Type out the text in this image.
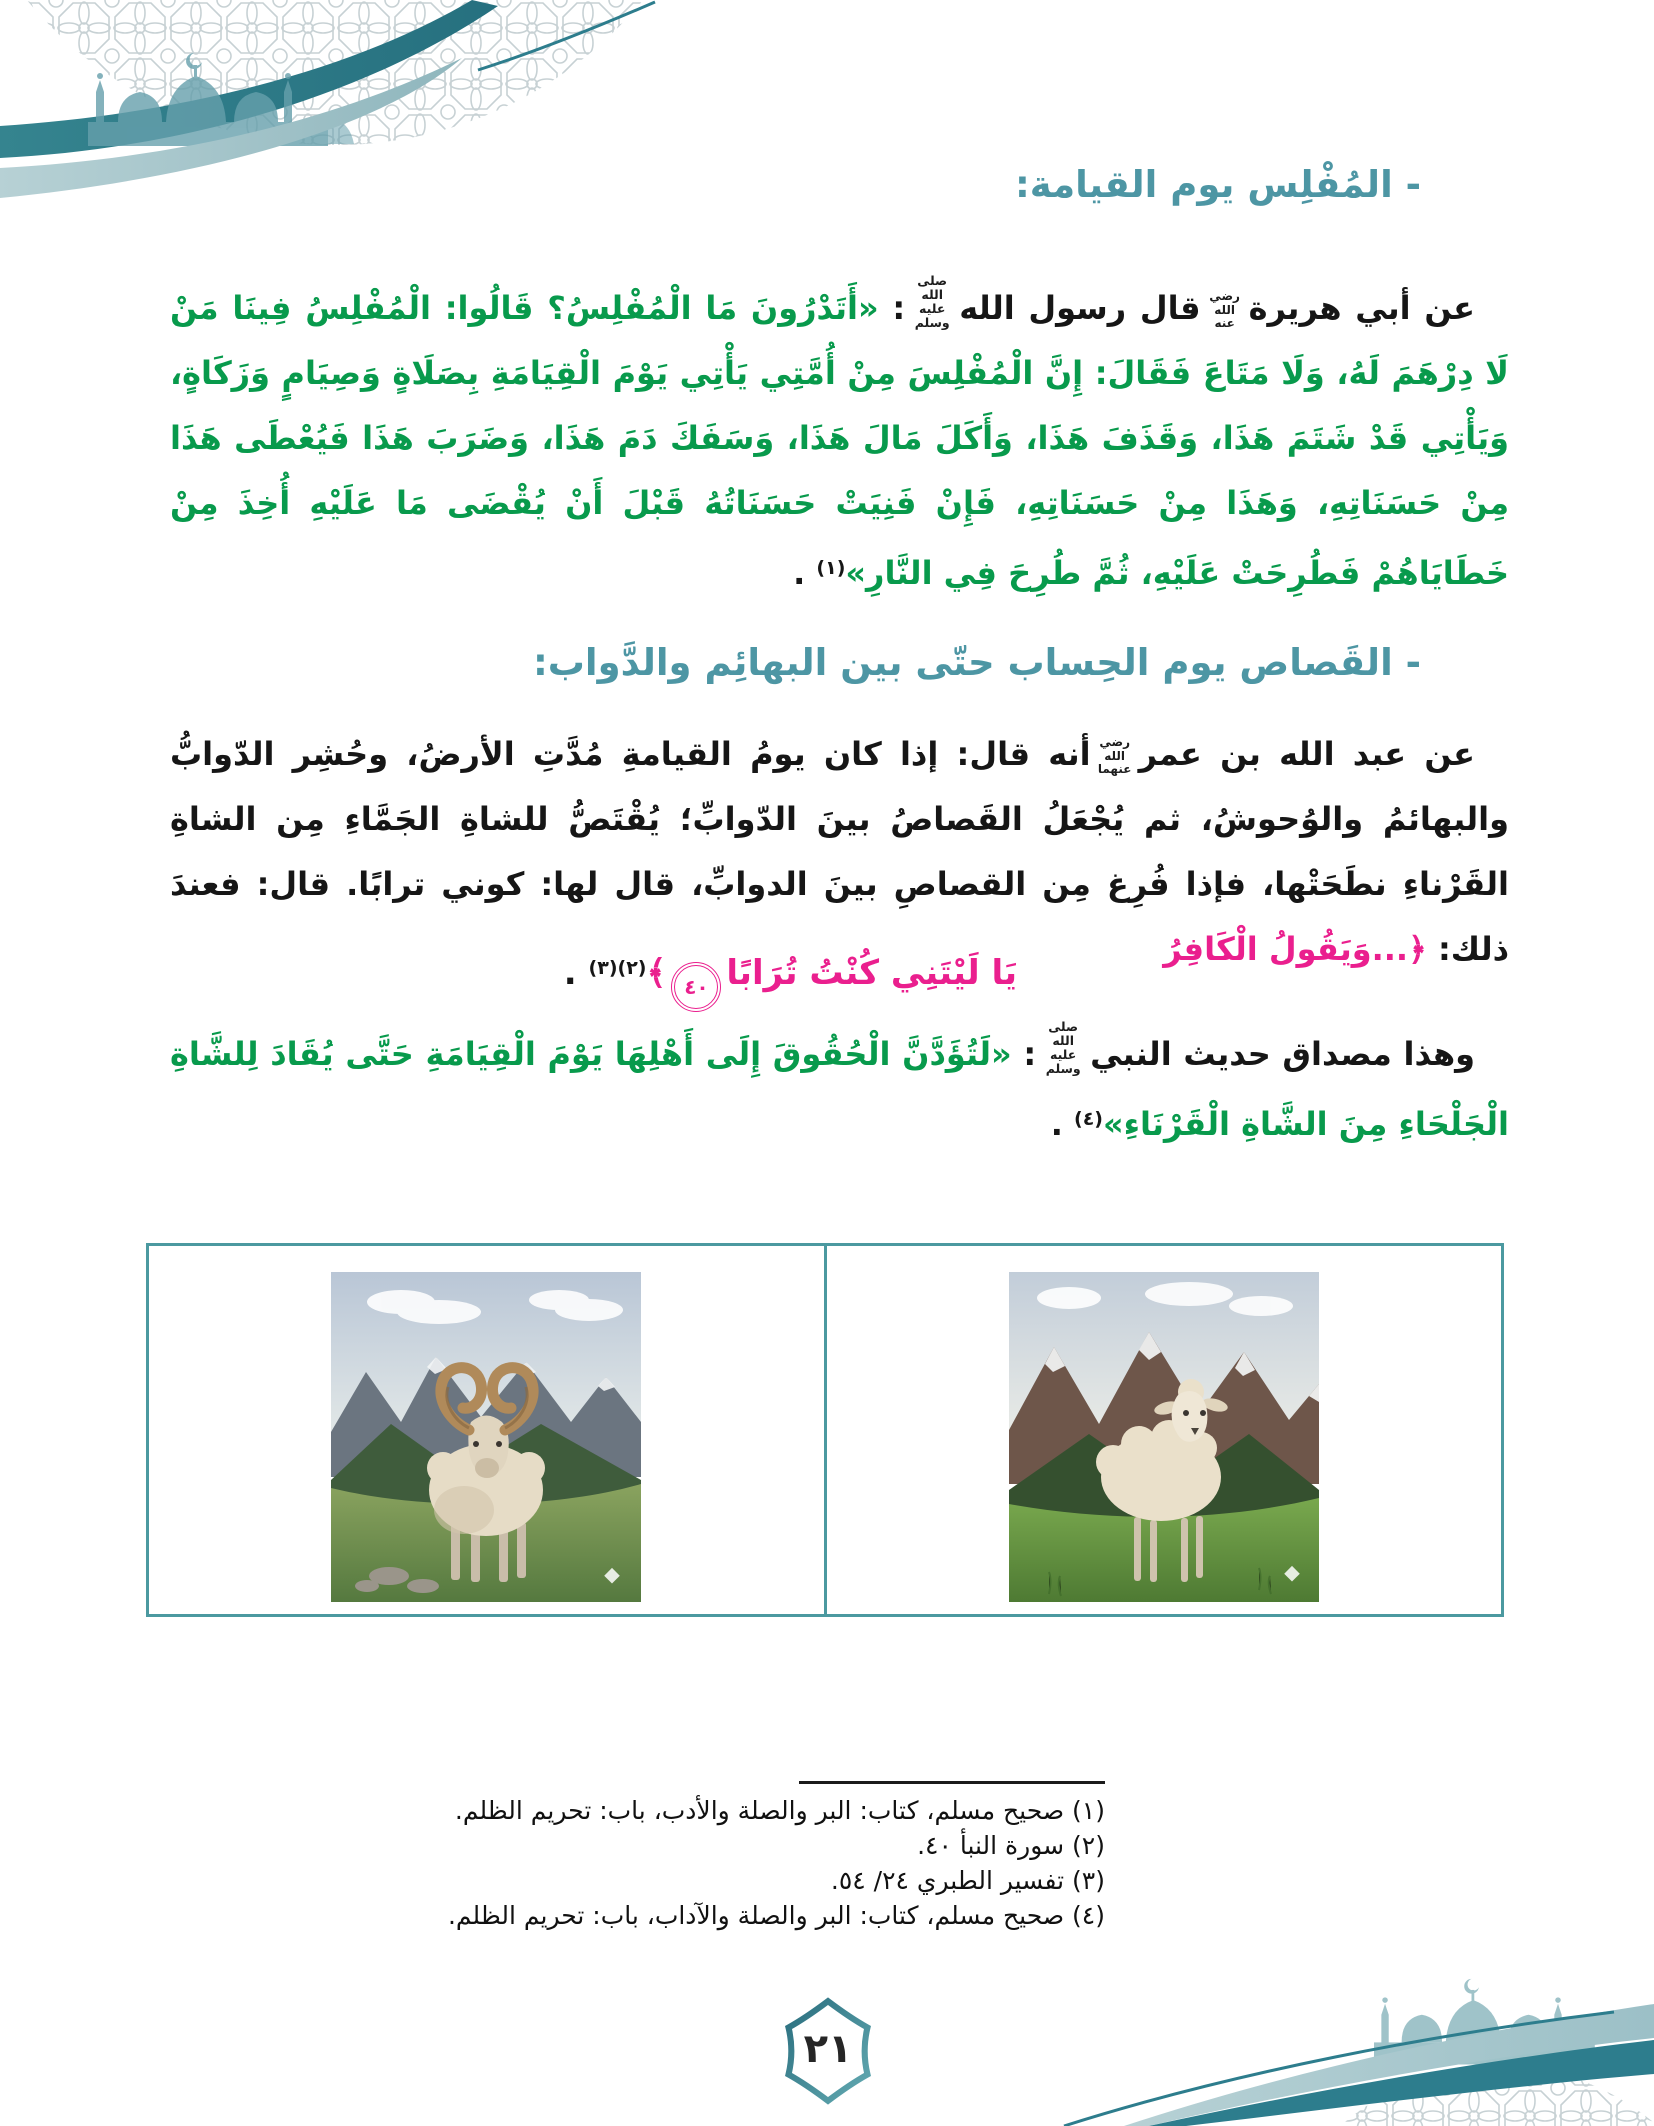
- المُفْلِس يوم القيامة:

عن أبي هريرةرضي الله عنهقال رسول اللهصلى الله عليه وسلم: «أَتَدْرُونَ مَا الْمُفْلِسُ؟ قَالُوا: الْمُفْلِسُ فِينَا مَنْ لَا دِرْهَمَ لَهُ، وَلَا مَتَاعَ فَقَالَ: إِنَّ الْمُفْلِسَ مِنْ أُمَّتِي يَأْتِي يَوْمَ الْقِيَامَةِ بِصَلَاةٍ وَصِيَامٍ وَزَكَاةٍ، وَيَأْتِي قَدْ شَتَمَ هَذَا، وَقَذَفَ هَذَا، وَأَكَلَ مَالَ هَذَا، وَسَفَكَ دَمَ هَذَا، وَضَرَبَ هَذَا فَيُعْطَى هَذَا مِنْ حَسَنَاتِهِ، وَهَذَا مِنْ حَسَنَاتِهِ، فَإِنْ فَنِيَتْ حَسَنَاتُهُ قَبْلَ أَنْ يُقْضَى مَا عَلَيْهِ أُخِذَ مِنْ خَطَايَاهُمْ فَطُرِحَتْ عَلَيْهِ، ثُمَّ طُرِحَ فِي النَّارِ»$^{(١)}$ .

- القَصاص يوم الحِساب حتّى بين البهائِم والدَّواب:

عن عبد الله بن عمررضي الله عنهماأنه قال: إذا كان يومُ القيامةِ مُدَّتِ الأرضُ، وحُشِر الدّوابُّ والبهائمُ والوُحوشُ، ثم يُجْعَلُ القَصاصُ بينَ الدّوابِّ؛ يُقْتَصُّ للشاةِ الجَمَّاءِ مِن الشاةِ القَرْناءِ نطَحَتْها، فإذا فُرِغ مِن القصاصِ بينَ الدوابِّ، قال لها: كوني ترابًا. قال: فعندَ ذلك: ﴿...وَيَقُولُ الْكَافِرُ

يَا لَيْتَنِي كُنْتُ تُرَابًا٤٠﴾$^{(٢)(٣)}$ .

وهذا مصداق حديث النبيصلى الله عليه وسلم: «لَتُؤَدَّنَّ الْحُقُوقَ إِلَى أَهْلِهَا يَوْمَ الْقِيَامَةِ حَتَّى يُقَادَ لِلشَّاةِ الْجَلْحَاءِ مِنَ الشَّاةِ الْقَرْنَاءِ»$^{(٤)}$ .

(١) صحيح مسلم، كتاب: البر والصلة والأدب، باب: تحريم الظلم.
(٢) سورة النبأ ٤٠.
(٣) تفسير الطبري ٢٤/ ٥٤.
(٤) صحيح مسلم، كتاب: البر والصلة والآداب، باب: تحريم الظلم.
٢١
